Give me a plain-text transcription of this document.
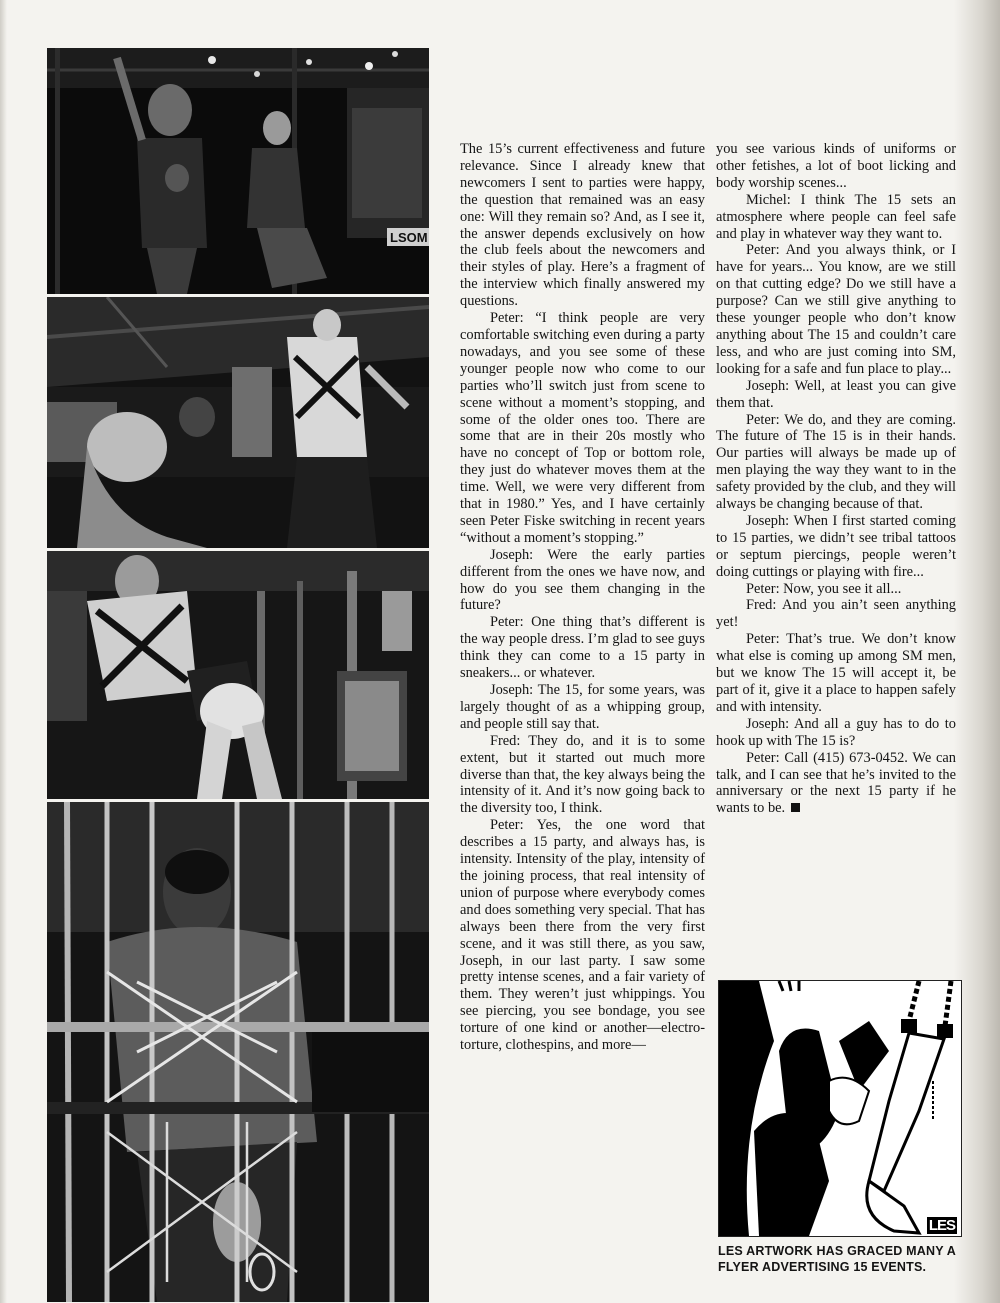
LSOM

The 15’s current effectiveness and future relevance. Since I already knew that newcomers I sent to parties were happy, the question that remained was an easy one: Will they remain so? And, as I see it, the answer depends exclusively on how the club feels about the newcomers and their styles of play. Here’s a fragment of the interview which finally answered my questions.

Peter: “I think people are very comfortable switching even during a party nowadays, and you see some of these younger people now who come to our parties who’ll switch just from scene to scene without a moment’s stopping, and some of the older ones too. There are some that are in their 20s mostly who have no concept of Top or bottom role, they just do whatever moves them at the time. Well, we were very different from that in 1980.” Yes, and I have certainly seen Peter Fiske switching in recent years “without a moment’s stopping.”

Joseph: Were the early parties different from the ones we have now, and how do you see them changing in the future?

Peter: One thing that’s different is the way people dress. I’m glad to see guys think they can come to a 15 party in sneakers... or whatever.

Joseph: The 15, for some years, was largely thought of as a whipping group, and people still say that.

Fred: They do, and it is to some extent, but it started out much more diverse than that, the key always being the intensity of it. And it’s now going back to the diversity too, I think.

Peter: Yes, the one word that describes a 15 party, and always has, is intensity. Intensity of the play, intensity of the joining process, that real intensity of union of purpose where everybody comes and does something very special. That has always been there from the very first scene, and it was still there, as you saw, Joseph, in our last party. I saw some pretty intense scenes, and a fair variety of them. They weren’t just whippings. You see piercing, you see bondage, you see torture of one kind or another—electro-torture, clothespins, and more—

you see various kinds of uniforms or other fetishes, a lot of boot licking and body worship scenes...

Michel: I think The 15 sets an atmosphere where people can feel safe and play in whatever way they want to.

Peter: And you always think, or I have for years... You know, are we still on that cutting edge? Do we still have a purpose? Can we still give anything to these younger people who don’t know anything about The 15 and couldn’t care less, and who are just coming into SM, looking for a safe and fun place to play...

Joseph: Well, at least you can give them that.

Peter: We do, and they are coming. The future of The 15 is in their hands. Our parties will always be made up of men playing the way they want to in the safety provided by the club, and they will always be changing because of that.

Joseph: When I first started coming to 15 parties, we didn’t see tribal tattoos or septum piercings, people weren’t doing cuttings or playing with fire...

Peter: Now, you see it all...

Fred: And you ain’t seen anything yet!

Peter: That’s true. We don’t know what else is coming up among SM men, but we know The 15 will accept it, be part of it, give it a place to happen safely and with intensity.

Joseph: And all a guy has to do to hook up with The 15 is?

Peter: Call (415) 673-0452. We can talk, and I can see that he’s invited to the anniversary or the next 15 party if he wants to be.

LES
LES ARTWORK HAS GRACED MANY A FLYER ADVERTISING 15 EVENTS.
